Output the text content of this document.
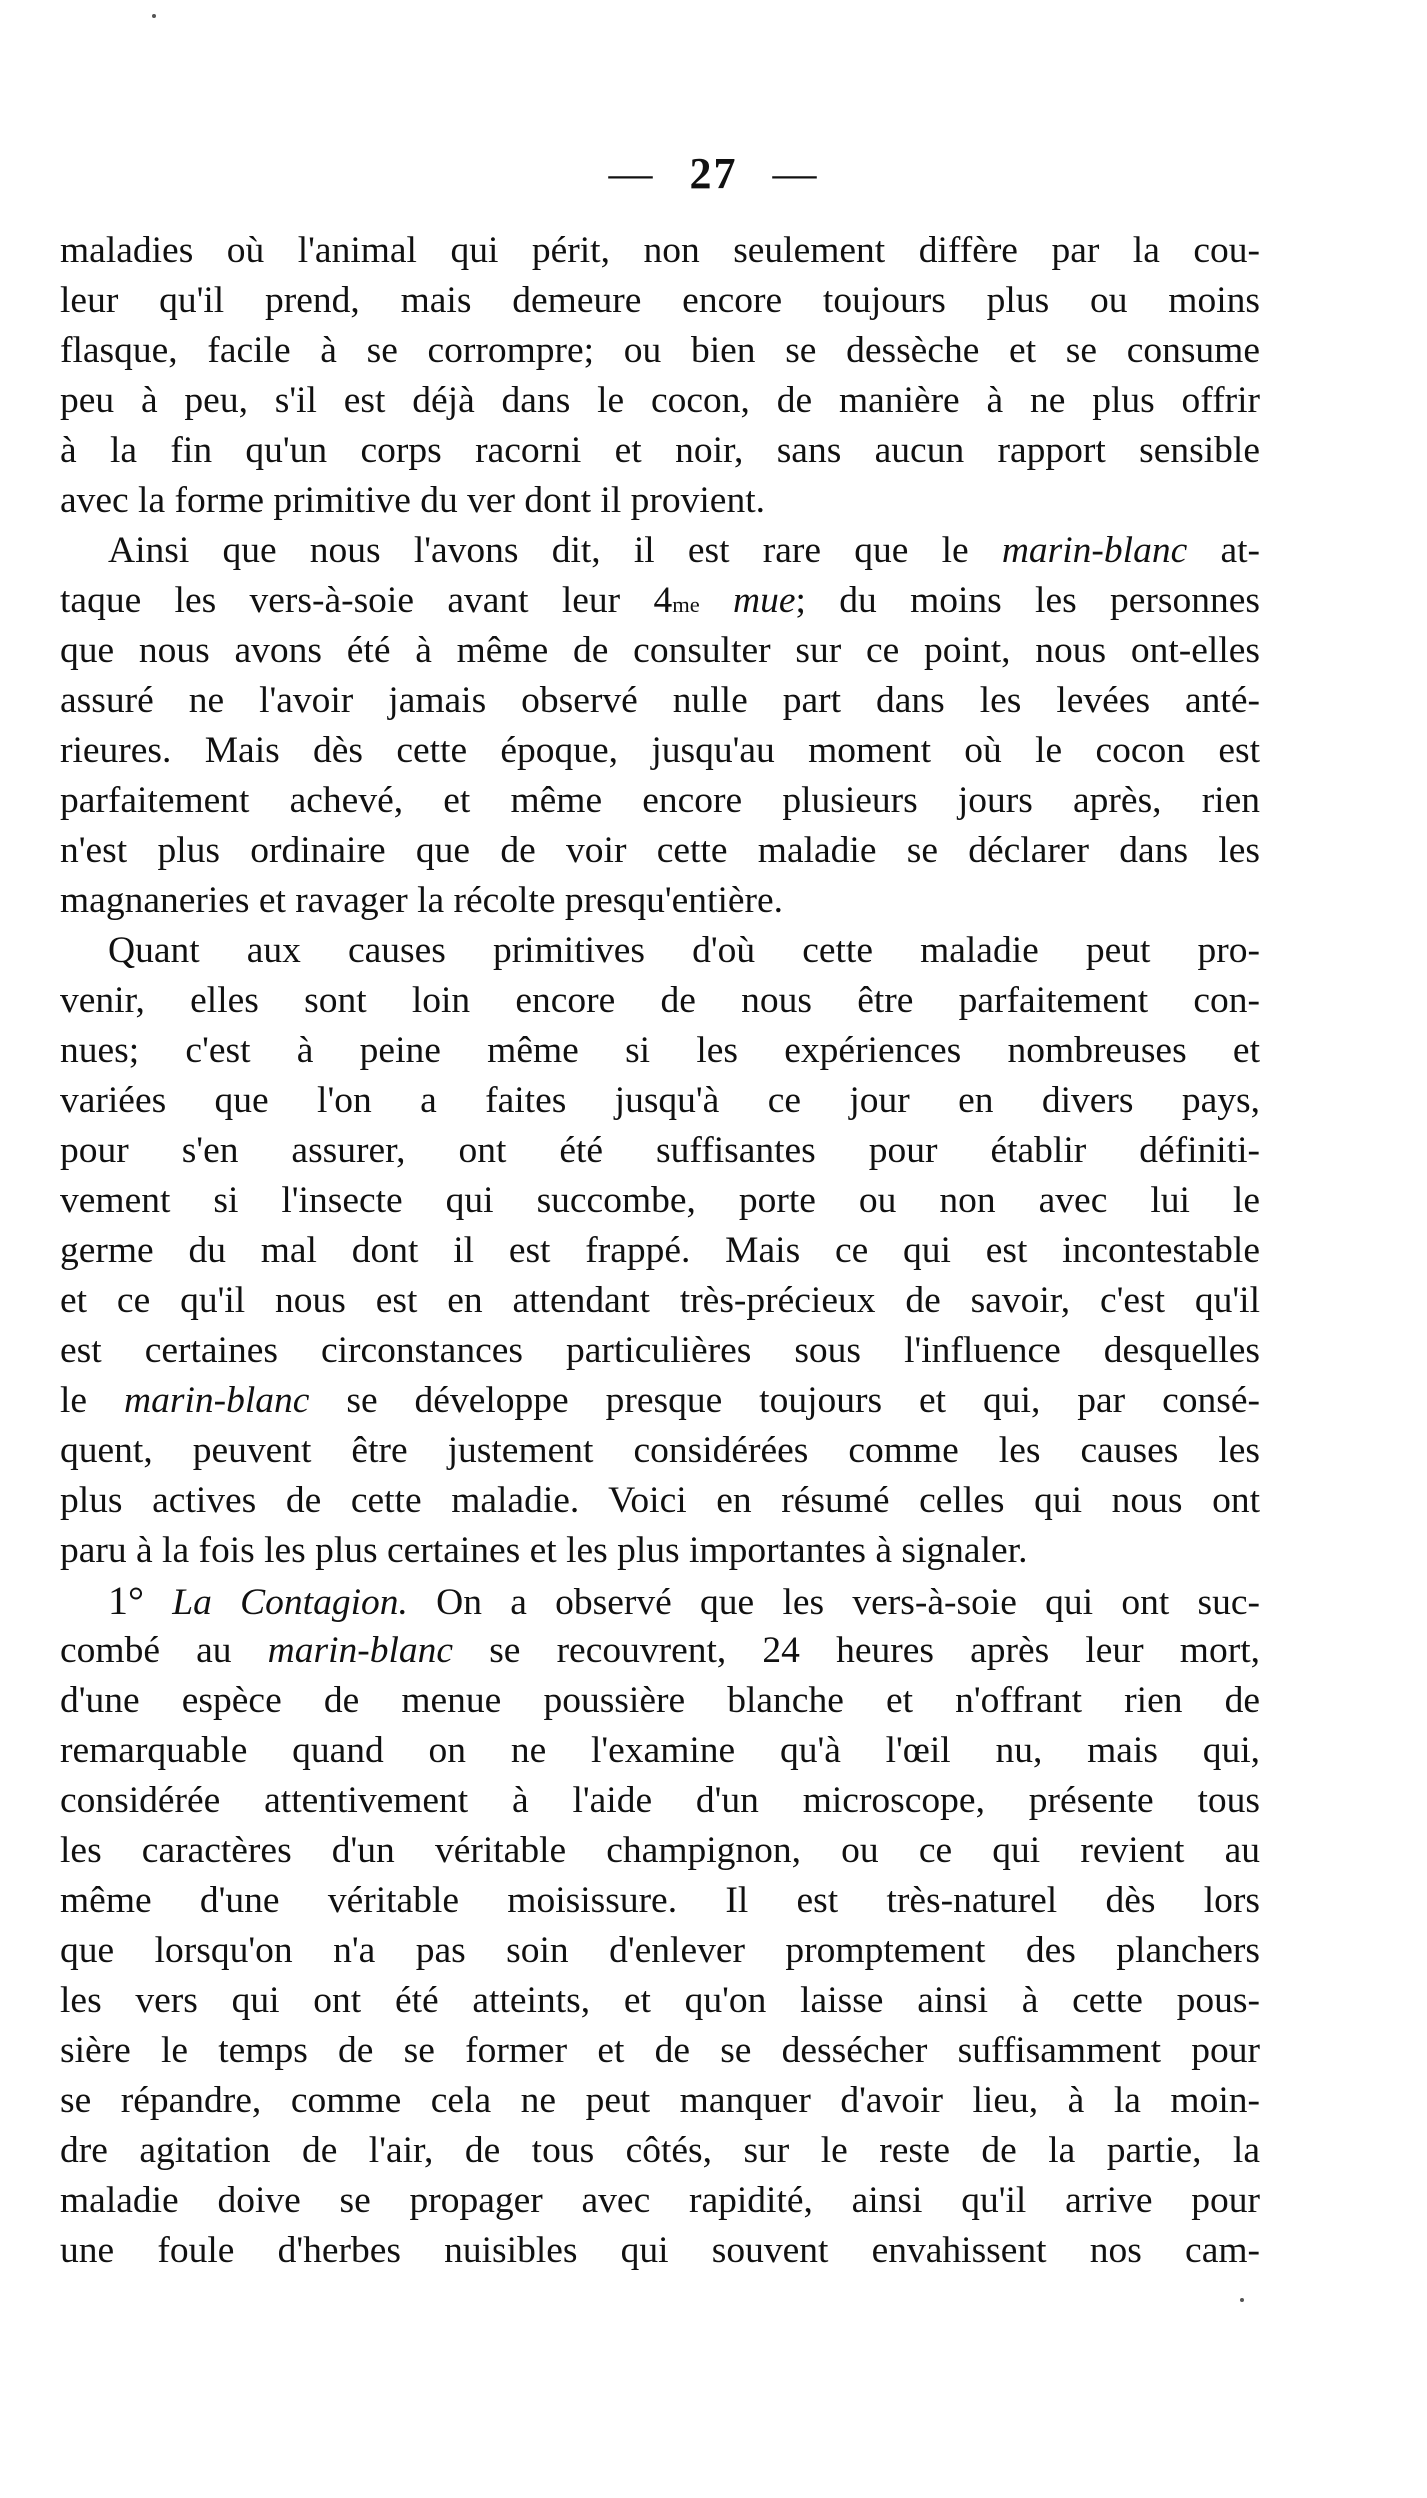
— 27 —
maladies où l'animal qui périt, non seulement diffère par la cou-
leur qu'il prend, mais demeure encore toujours plus ou moins
flasque, facile à se corrompre; ou bien se dessèche et se consume
peu à peu, s'il est déjà dans le cocon, de manière à ne plus offrir
à la fin qu'un corps racorni et noir, sans aucun rapport sensible
avec la forme primitive du ver dont il provient.
Ainsi que nous l'avons dit, il est rare que le marin-blanc at-
taque les vers-à-soie avant leur $4^{me}$ mue; du moins les personnes
que nous avons été à même de consulter sur ce point, nous ont-elles
assuré ne l'avoir jamais observé nulle part dans les levées anté-
rieures. Mais dès cette époque, jusqu'au moment où le cocon est
parfaitement achevé, et même encore plusieurs jours après, rien
n'est plus ordinaire que de voir cette maladie se déclarer dans les
magnaneries et ravager la récolte presqu'entière.
Quant aux causes primitives d'où cette maladie peut pro-
venir, elles sont loin encore de nous être parfaitement con-
nues; c'est à peine même si les expériences nombreuses et
variées que l'on a faites jusqu'à ce jour en divers pays,
pour s'en assurer, ont été suffisantes pour établir définiti-
vement si l'insecte qui succombe, porte ou non avec lui le
germe du mal dont il est frappé. Mais ce qui est incontestable
et ce qu'il nous est en attendant très-précieux de savoir, c'est qu'il
est certaines circonstances particulières sous l'influence desquelles
le marin-blanc se développe presque toujours et qui, par consé-
quent, peuvent être justement considérées comme les causes les
plus actives de cette maladie. Voici en résumé celles qui nous ont
paru à la fois les plus certaines et les plus importantes à signaler.
1° La Contagion. On a observé que les vers-à-soie qui ont suc-
combé au marin-blanc se recouvrent, 24 heures après leur mort,
d'une espèce de menue poussière blanche et n'offrant rien de
remarquable quand on ne l'examine qu'à l'œil nu, mais qui,
considérée attentivement à l'aide d'un microscope, présente tous
les caractères d'un véritable champignon, ou ce qui revient au
même d'une véritable moisissure. Il est très-naturel dès lors
que lorsqu'on n'a pas soin d'enlever promptement des planchers
les vers qui ont été atteints, et qu'on laisse ainsi à cette pous-
sière le temps de se former et de se dessécher suffisamment pour
se répandre, comme cela ne peut manquer d'avoir lieu, à la moin-
dre agitation de l'air, de tous côtés, sur le reste de la partie, la
maladie doive se propager avec rapidité, ainsi qu'il arrive pour
une foule d'herbes nuisibles qui souvent envahissent nos cam-
